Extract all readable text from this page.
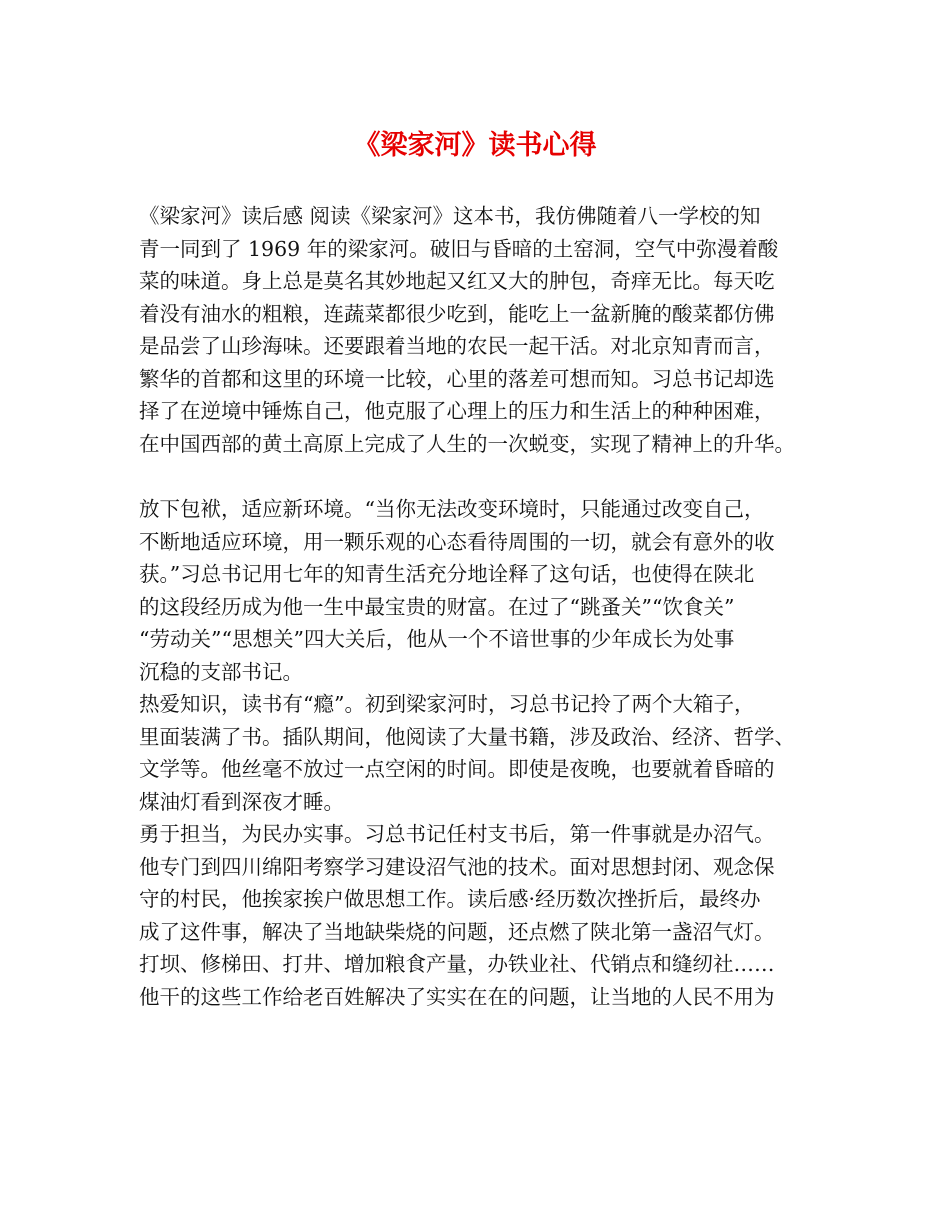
《梁家河》读书心得
《梁家河》读后感 阅读《梁家河》这本书，我仿佛随着八一学校的知
青一同到了 1969 年的梁家河。破旧与昏暗的土窑洞，空气中弥漫着酸
菜的味道。身上总是莫名其妙地起又红又大的肿包，奇痒无比。每天吃
着没有油水的粗粮，连蔬菜都很少吃到，能吃上一盆新腌的酸菜都仿佛
是品尝了山珍海味。还要跟着当地的农民一起干活。对北京知青而言，
繁华的首都和这里的环境一比较，心里的落差可想而知。习总书记却选
择了在逆境中锤炼自己，他克服了心理上的压力和生活上的种种困难，
在中国西部的黄土高原上完成了人生的一次蜕变，实现了精神上的升华。
放下包袱，适应新环境。“当你无法改变环境时，只能通过改变自己，
不断地适应环境，用一颗乐观的心态看待周围的一切，就会有意外的收
获。”习总书记用七年的知青生活充分地诠释了这句话，也使得在陕北
的这段经历成为他一生中最宝贵的财富。在过了“跳蚤关”“饮食关”
“劳动关”“思想关”四大关后，他从一个不谙世事的少年成长为处事
沉稳的支部书记。
热爱知识，读书有“瘾”。初到梁家河时，习总书记拎了两个大箱子，
里面装满了书。插队期间，他阅读了大量书籍，涉及政治、经济、哲学、
文学等。他丝毫不放过一点空闲的时间。即使是夜晚，也要就着昏暗的
煤油灯看到深夜才睡。
勇于担当，为民办实事。习总书记任村支书后，第一件事就是办沼气。
他专门到四川绵阳考察学习建设沼气池的技术。面对思想封闭、观念保
守的村民，他挨家挨户做思想工作。读后感·经历数次挫折后，最终办
成了这件事，解决了当地缺柴烧的问题，还点燃了陕北第一盏沼气灯。
打坝、修梯田、打井、增加粮食产量，办铁业社、代销点和缝纫社……
他干的这些工作给老百姓解决了实实在在的问题，让当地的人民不用为
